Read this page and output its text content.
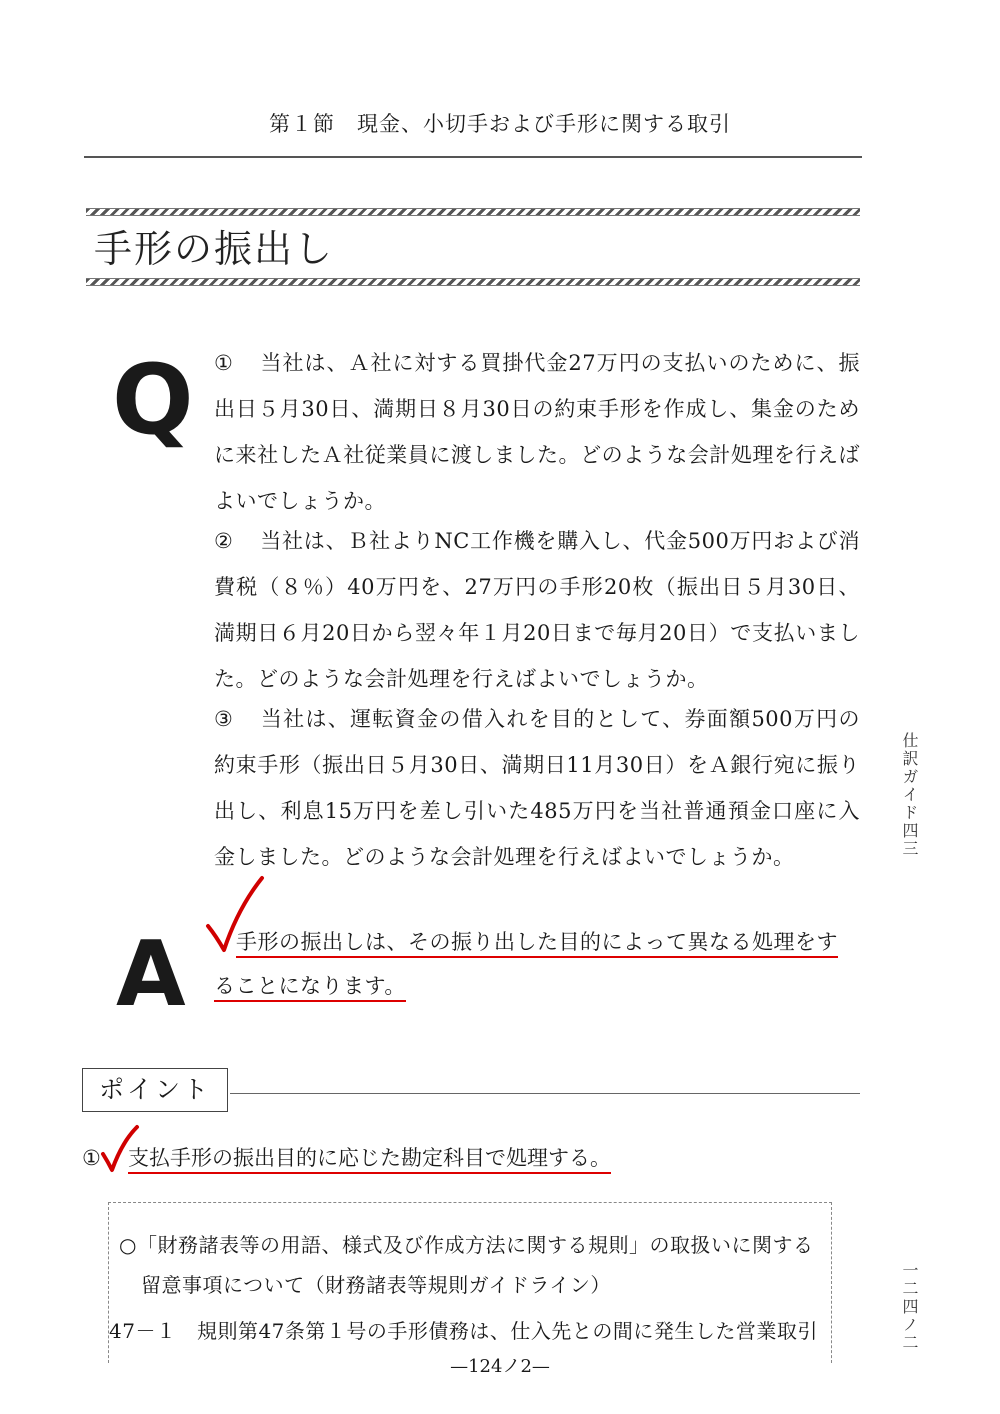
第１節　現金、小切手および手形に関する取引
手形の振出し
Q ① 当社は、Ａ社に対する買掛代金27万円の支払いのために、振出日５月30日、満期日８月30日の約束手形を作成し、集金のために来社したＡ社従業員に渡しました。どのような会計処理を行えばよいでしょうか。
② 当社は、Ｂ社よりNC工作機を購入し、代金500万円および消費税（８％）40万円を、27万円の手形20枚（振出日５月30日、満期日６月20日から翌々年１月20日まで毎月20日）で支払いました。どのような会計処理を行えばよいでしょうか。
③ 当社は、運転資金の借入れを目的として、券面額500万円の約束手形（振出日５月30日、満期日11月30日）をＡ銀行宛に振り出し、利息15万円を差し引いた485万円を当社普通預金口座に入金しました。どのような会計処理を行えばよいでしょうか。	仕訳ガイド四三
一二四ノ二
A	手形の振出しは、その振り出した目的によって異なる処理をす
ることになります。
ポイント
① 支払手形の振出目的に応じた勘定科目で処理する。
○「財務諸表等の用語、様式及び作成方法に関する規則」の取扱いに関する
留意事項について（財務諸表等規則ガイドライン）
47－１　規則第47条第１号の手形債務は、仕入先との間に発生した営業取引
—124ノ2—
